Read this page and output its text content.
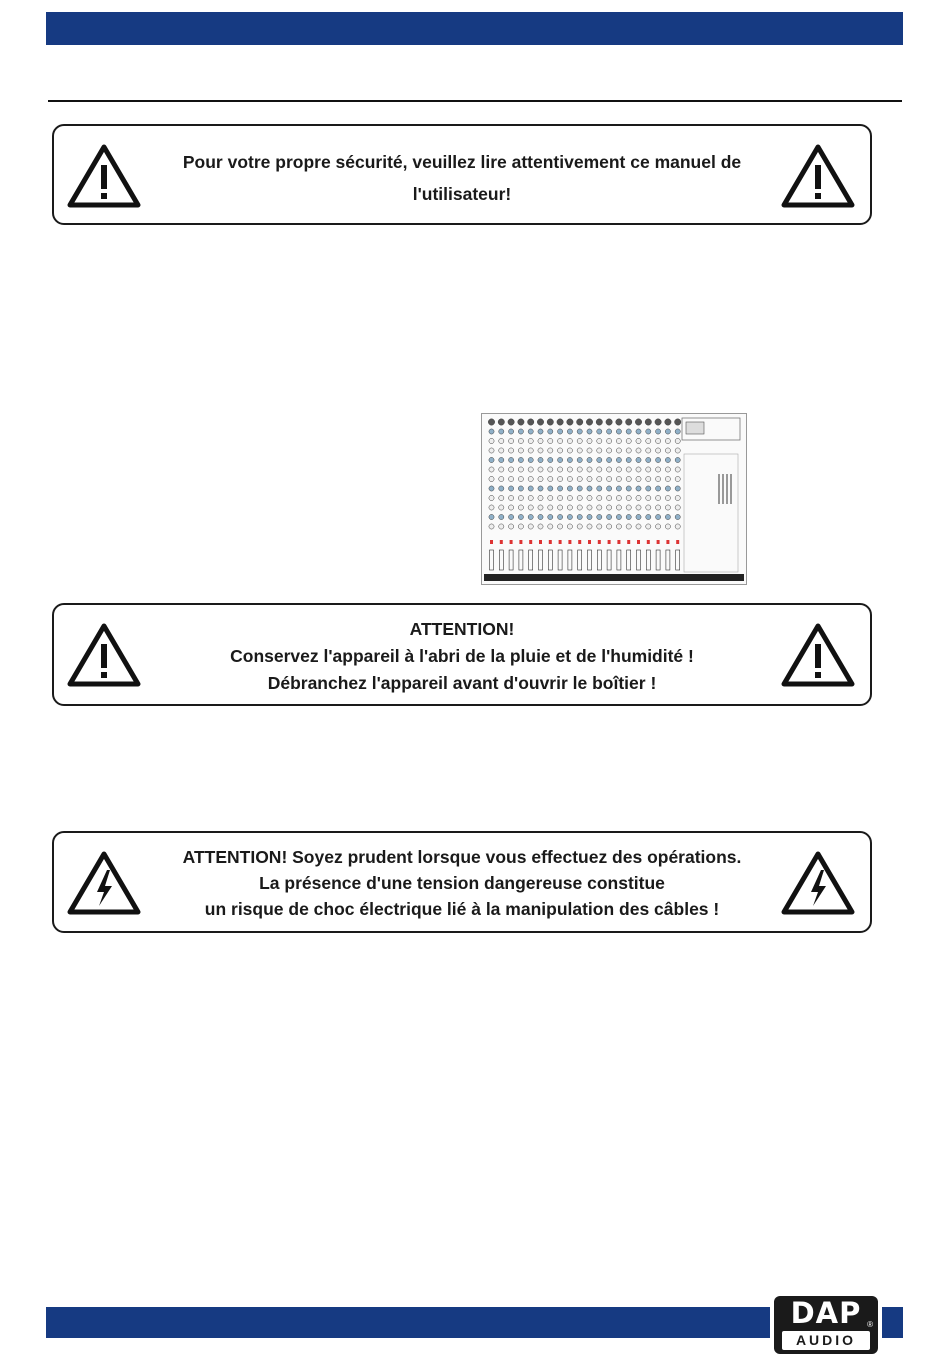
Pour votre propre sécurité, veuillez lire attentivement ce manuel de
l'utilisateur!
ATTENTION!
Conservez l'appareil à l'abri de la pluie et de l'humidité !
Débranchez l'appareil avant d'ouvrir le boîtier !
ATTENTION! Soyez prudent lorsque vous effectuez des opérations.
La présence d'une tension dangereuse constitue
un risque de choc électrique lié à la manipulation des câbles !
DAP ®
AUDIO
